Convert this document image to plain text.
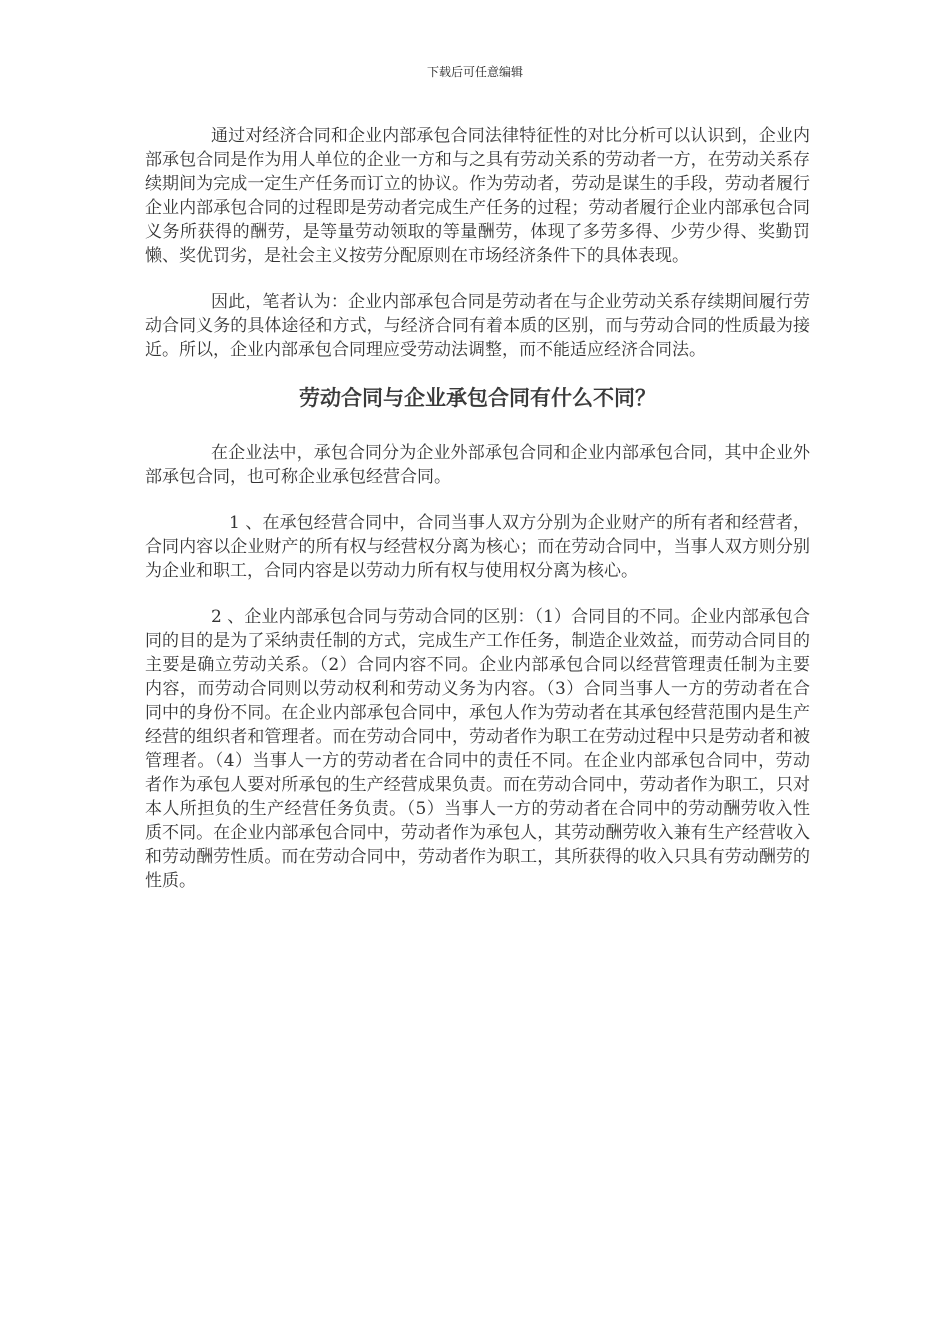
下载后可任意编辑

通过对经济合同和企业内部承包合同法律特征性的对比分析可以认识到，企业内部承包合同是作为用人单位的企业一方和与之具有劳动关系的劳动者一方，在劳动关系存续期间为完成一定生产任务而订立的协议。作为劳动者，劳动是谋生的手段，劳动者履行企业内部承包合同的过程即是劳动者完成生产任务的过程；劳动者履行企业内部承包合同义务所获得的酬劳，是等量劳动领取的等量酬劳，体现了多劳多得、少劳少得、奖勤罚懒、奖优罚劣，是社会主义按劳分配原则在市场经济条件下的具体表现。

因此，笔者认为：企业内部承包合同是劳动者在与企业劳动关系存续期间履行劳动合同义务的具体途径和方式，与经济合同有着本质的区别，而与劳动合同的性质最为接近。所以，企业内部承包合同理应受劳动法调整，而不能适应经济合同法。

劳动合同与企业承包合同有什么不同？

在企业法中，承包合同分为企业外部承包合同和企业内部承包合同，其中企业外部承包合同，也可称企业承包经营合同。

1 、在承包经营合同中，合同当事人双方分别为企业财产的所有者和经营者，合同内容以企业财产的所有权与经营权分离为核心；而在劳动合同中，当事人双方则分别为企业和职工，合同内容是以劳动力所有权与使用权分离为核心。

2 、企业内部承包合同与劳动合同的区别：（1）合同目的不同。企业内部承包合同的目的是为了采纳责任制的方式，完成生产工作任务，制造企业效益，而劳动合同目的主要是确立劳动关系。（2）合同内容不同。企业内部承包合同以经营管理责任制为主要内容，而劳动合同则以劳动权利和劳动义务为内容。（3）合同当事人一方的劳动者在合同中的身份不同。在企业内部承包合同中，承包人作为劳动者在其承包经营范围内是生产经营的组织者和管理者。而在劳动合同中，劳动者作为职工在劳动过程中只是劳动者和被管理者。（4）当事人一方的劳动者在合同中的责任不同。在企业内部承包合同中，劳动者作为承包人要对所承包的生产经营成果负责。而在劳动合同中，劳动者作为职工，只对本人所担负的生产经营任务负责。（5）当事人一方的劳动者在合同中的劳动酬劳收入性质不同。在企业内部承包合同中，劳动者作为承包人，其劳动酬劳收入兼有生产经营收入和劳动酬劳性质。而在劳动合同中，劳动者作为职工，其所获得的收入只具有劳动酬劳的性质。
